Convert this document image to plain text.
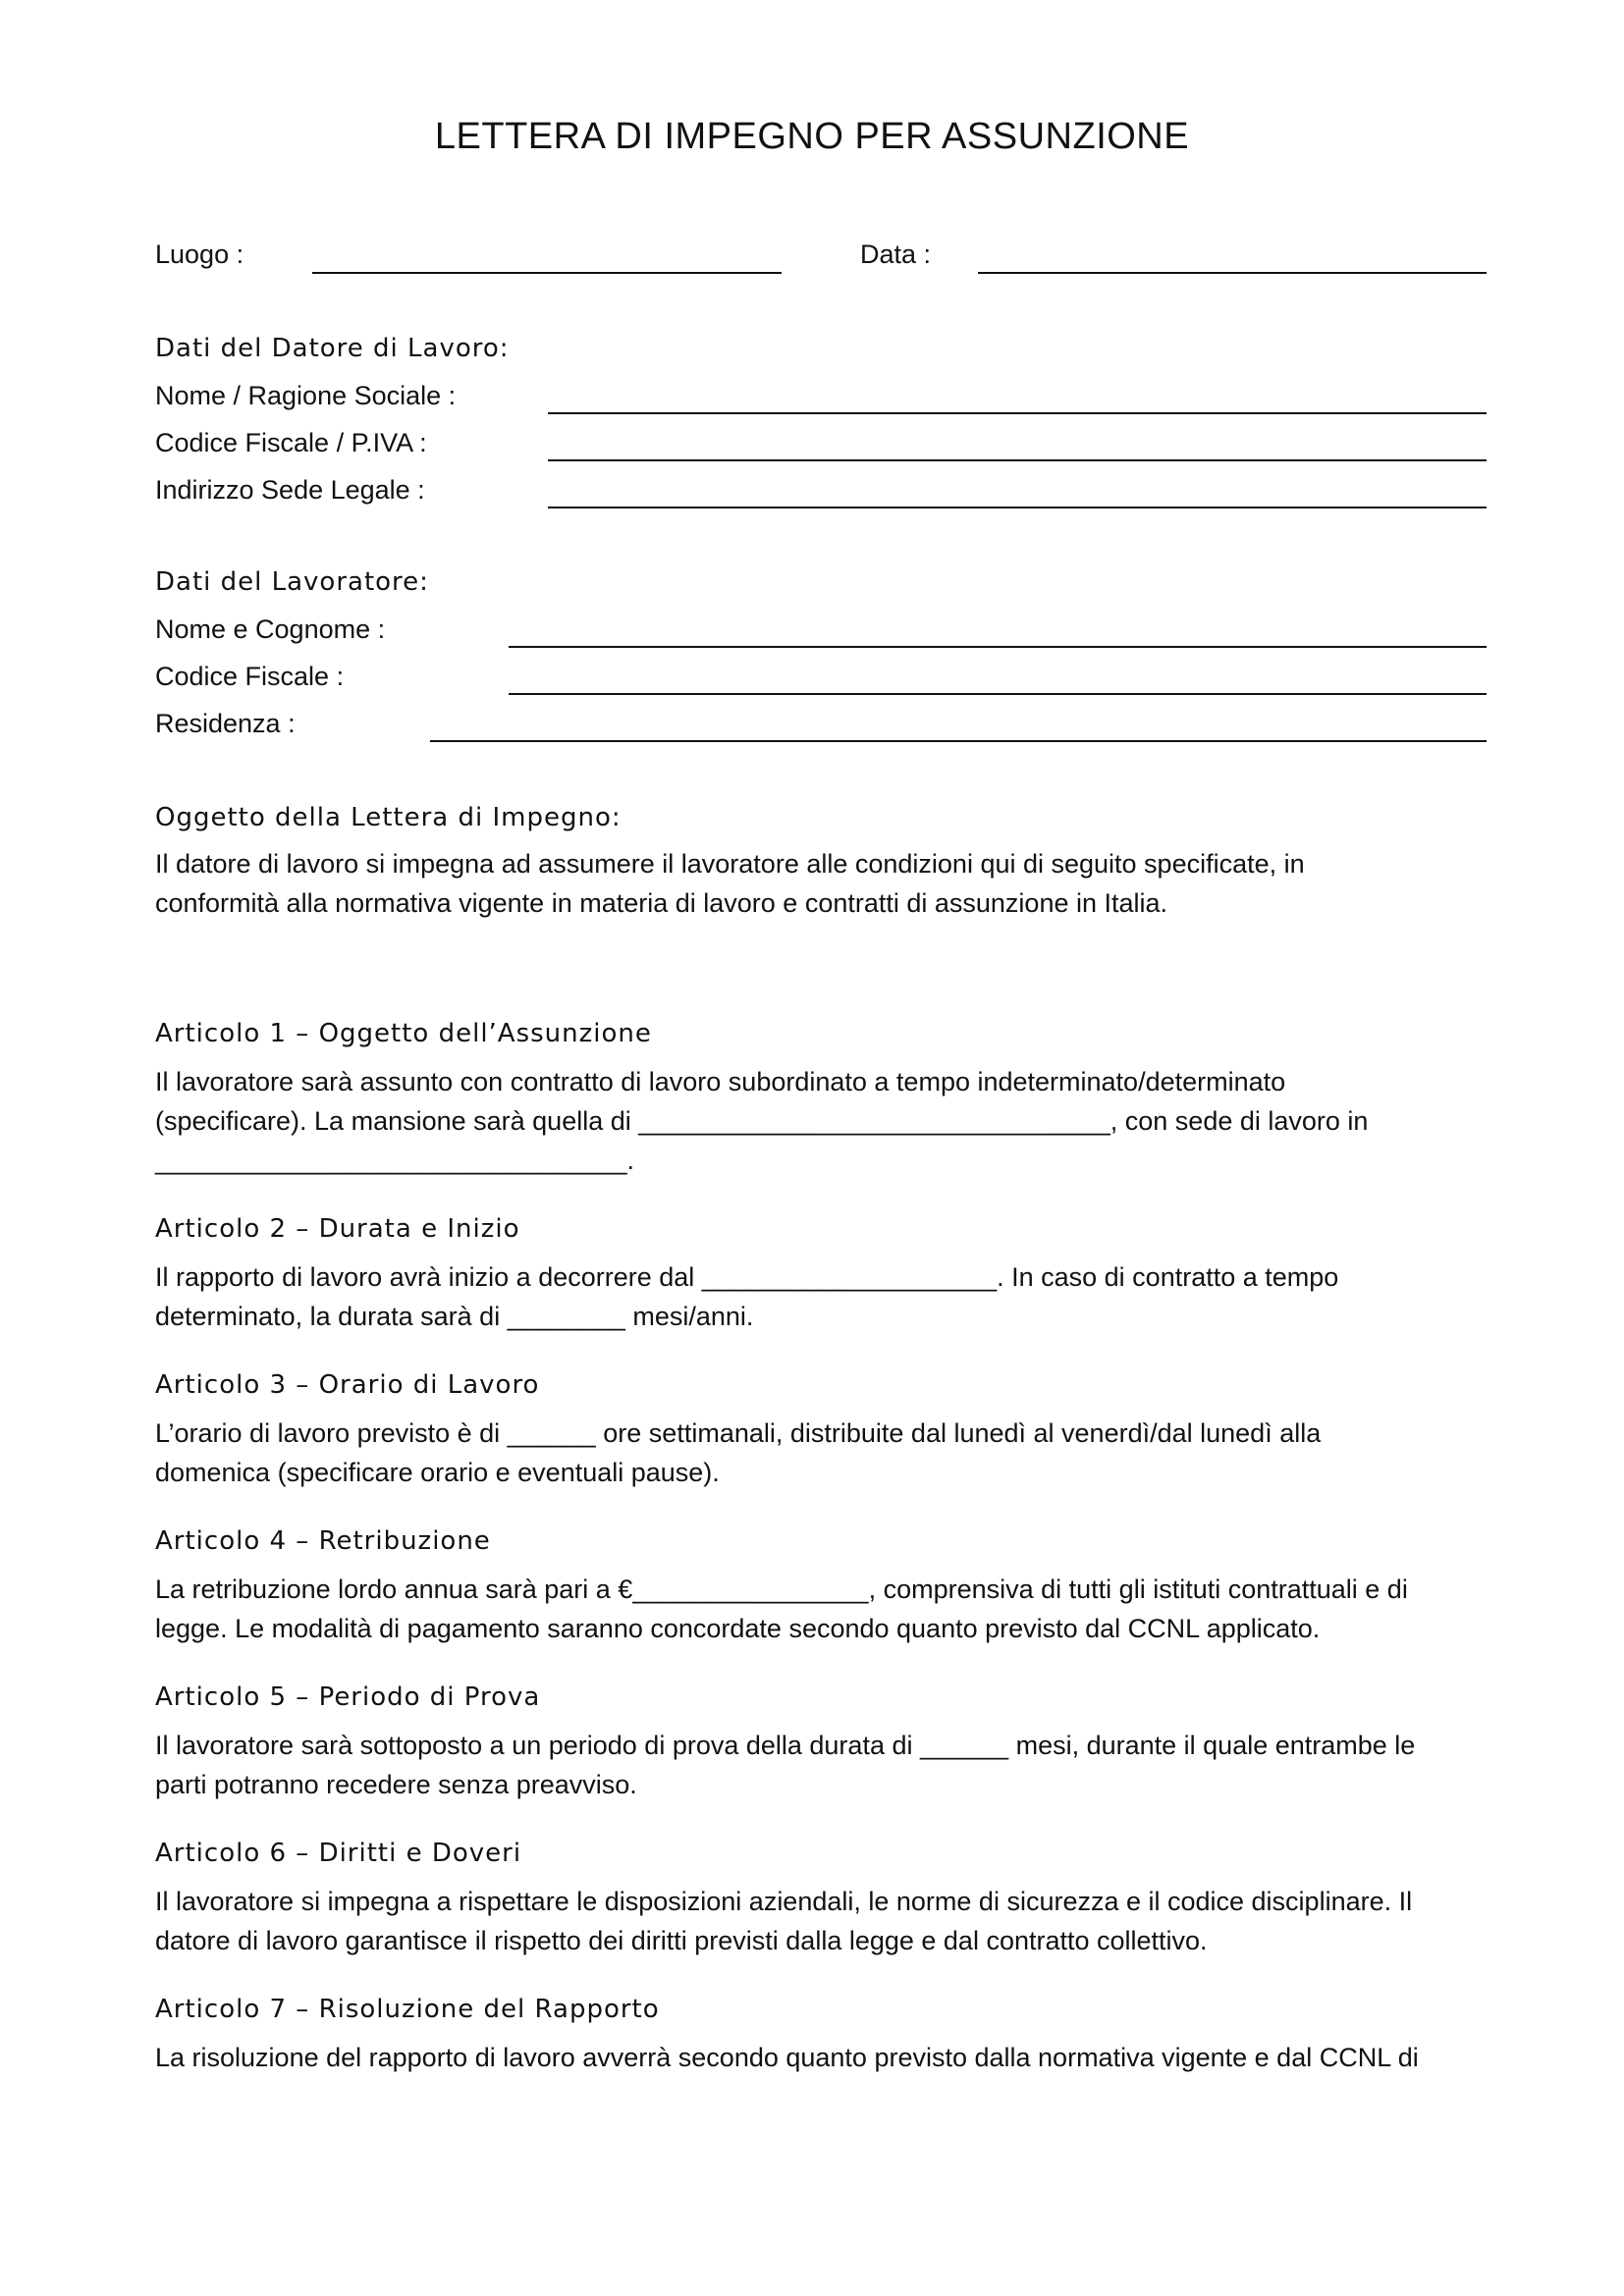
LETTERA DI IMPEGNO PER ASSUNZIONE
Luogo :	Data :
Dati del Datore di Lavoro:
Nome / Ragione Sociale :
Codice Fiscale / P.IVA :
Indirizzo Sede Legale :
Dati del Lavoratore:
Nome e Cognome :
Codice Fiscale :
Residenza :
Oggetto della Lettera di Impegno:
Il datore di lavoro si impegna ad assumere il lavoratore alle condizioni qui di seguito specificate, in
conformità alla normativa vigente in materia di lavoro e contratti di assunzione in Italia.
Articolo 1 – Oggetto dell’Assunzione
Il lavoratore sarà assunto con contratto di lavoro subordinato a tempo indeterminato/determinato
(specificare). La mansione sarà quella di ________________________________, con sede di lavoro in
________________________________.
Articolo 2 – Durata e Inizio
Il rapporto di lavoro avrà inizio a decorrere dal ____________________. In caso di contratto a tempo
determinato, la durata sarà di ________ mesi/anni.
Articolo 3 – Orario di Lavoro
L’orario di lavoro previsto è di ______ ore settimanali, distribuite dal lunedì al venerdì/dal lunedì alla
domenica (specificare orario e eventuali pause).
Articolo 4 – Retribuzione
La retribuzione lordo annua sarà pari a €________________, comprensiva di tutti gli istituti contrattuali e di
legge. Le modalità di pagamento saranno concordate secondo quanto previsto dal CCNL applicato.
Articolo 5 – Periodo di Prova
Il lavoratore sarà sottoposto a un periodo di prova della durata di ______ mesi, durante il quale entrambe le
parti potranno recedere senza preavviso.
Articolo 6 – Diritti e Doveri
Il lavoratore si impegna a rispettare le disposizioni aziendali, le norme di sicurezza e il codice disciplinare. Il
datore di lavoro garantisce il rispetto dei diritti previsti dalla legge e dal contratto collettivo.
Articolo 7 – Risoluzione del Rapporto
La risoluzione del rapporto di lavoro avverrà secondo quanto previsto dalla normativa vigente e dal CCNL di
